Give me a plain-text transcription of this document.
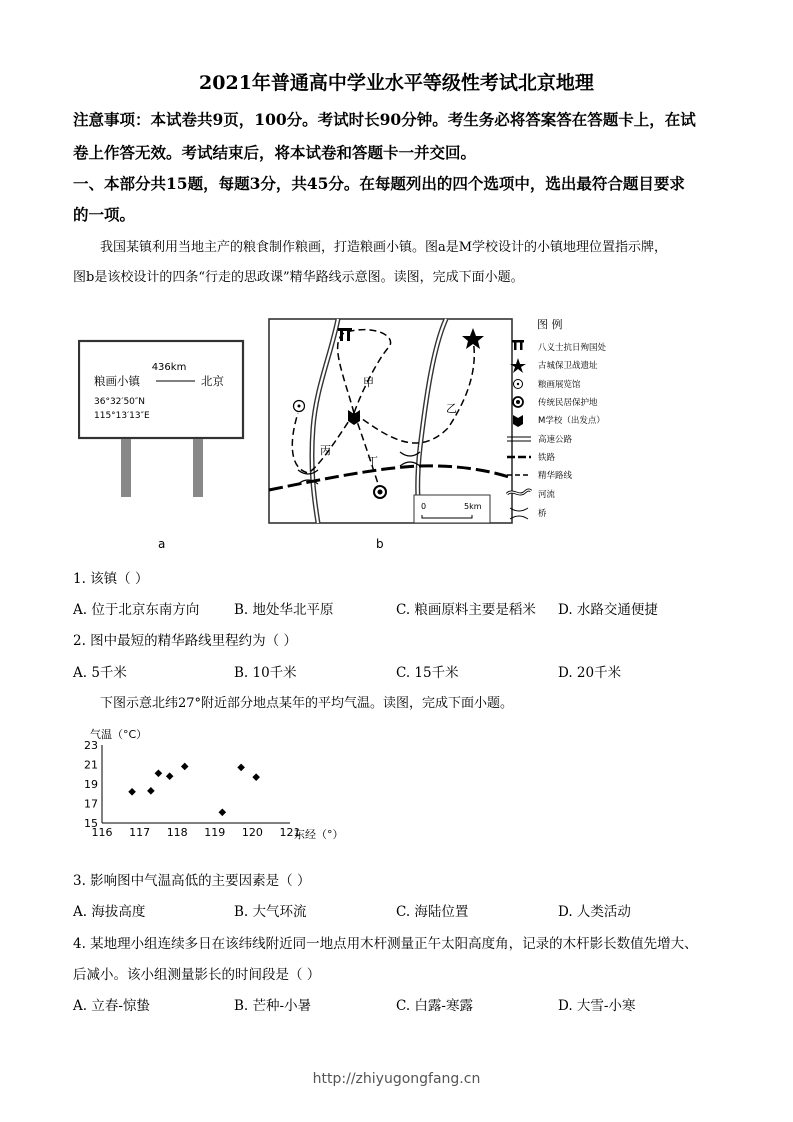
2021年普通高中学业水平等级性考试北京地理
注意事项：本试卷共9页，100分。考试时长90分钟。考生务必将答案答在答题卡上，在试
卷上作答无效。考试结束后，将本试卷和答题卡一并交回。
一、本部分共15题，每题3分，共45分。在每题列出的四个选项中，选出最符合题目要求
的一项。
我国某镇利用当地主产的粮食制作粮画，打造粮画小镇。图a是M学校设计的小镇地理位置指示牌，
图b是该校设计的四条“行走的思政课”精华路线示意图。读图，完成下面小题。
436km
粮画小镇	北京
36°32′50″N
115°13′13″E
a
甲
乙
丙
丁
0	5km
b
图 例
八义士抗日殉国处
古城保卫战遗址
粮画展览馆
传统民居保护地
M学校（出发点）
高速公路
铁路
精华路线
河流
桥
1. 该镇（ ）
A. 位于北京东南方向	B. 地处华北平原	C. 粮画原料主要是稻米 D. 水路交通便捷
2. 图中最短的精华路线里程约为（ ）
A. 5千米	B. 10千米	C. 15千米	D. 20千米
下图示意北纬27°附近部分地点某年的平均气温。读图，完成下面小题。
气温（°C）
东经（°）
116 117 118 119 120 121
15
17
19
21
23
3. 影响图中气温高低的主要因素是（ ）
A. 海拔高度	B. 大气环流	C. 海陆位置	D. 人类活动
4. 某地理小组连续多日在该纬线附近同一地点用木杆测量正午太阳高度角，记录的木杆影长数值先增大、
后减小。该小组测量影长的时间段是（ ）
A. 立春-惊蛰	B. 芒种-小暑	C. 白露-寒露	D. 大雪-小寒
http://zhiyugongfang.cn
